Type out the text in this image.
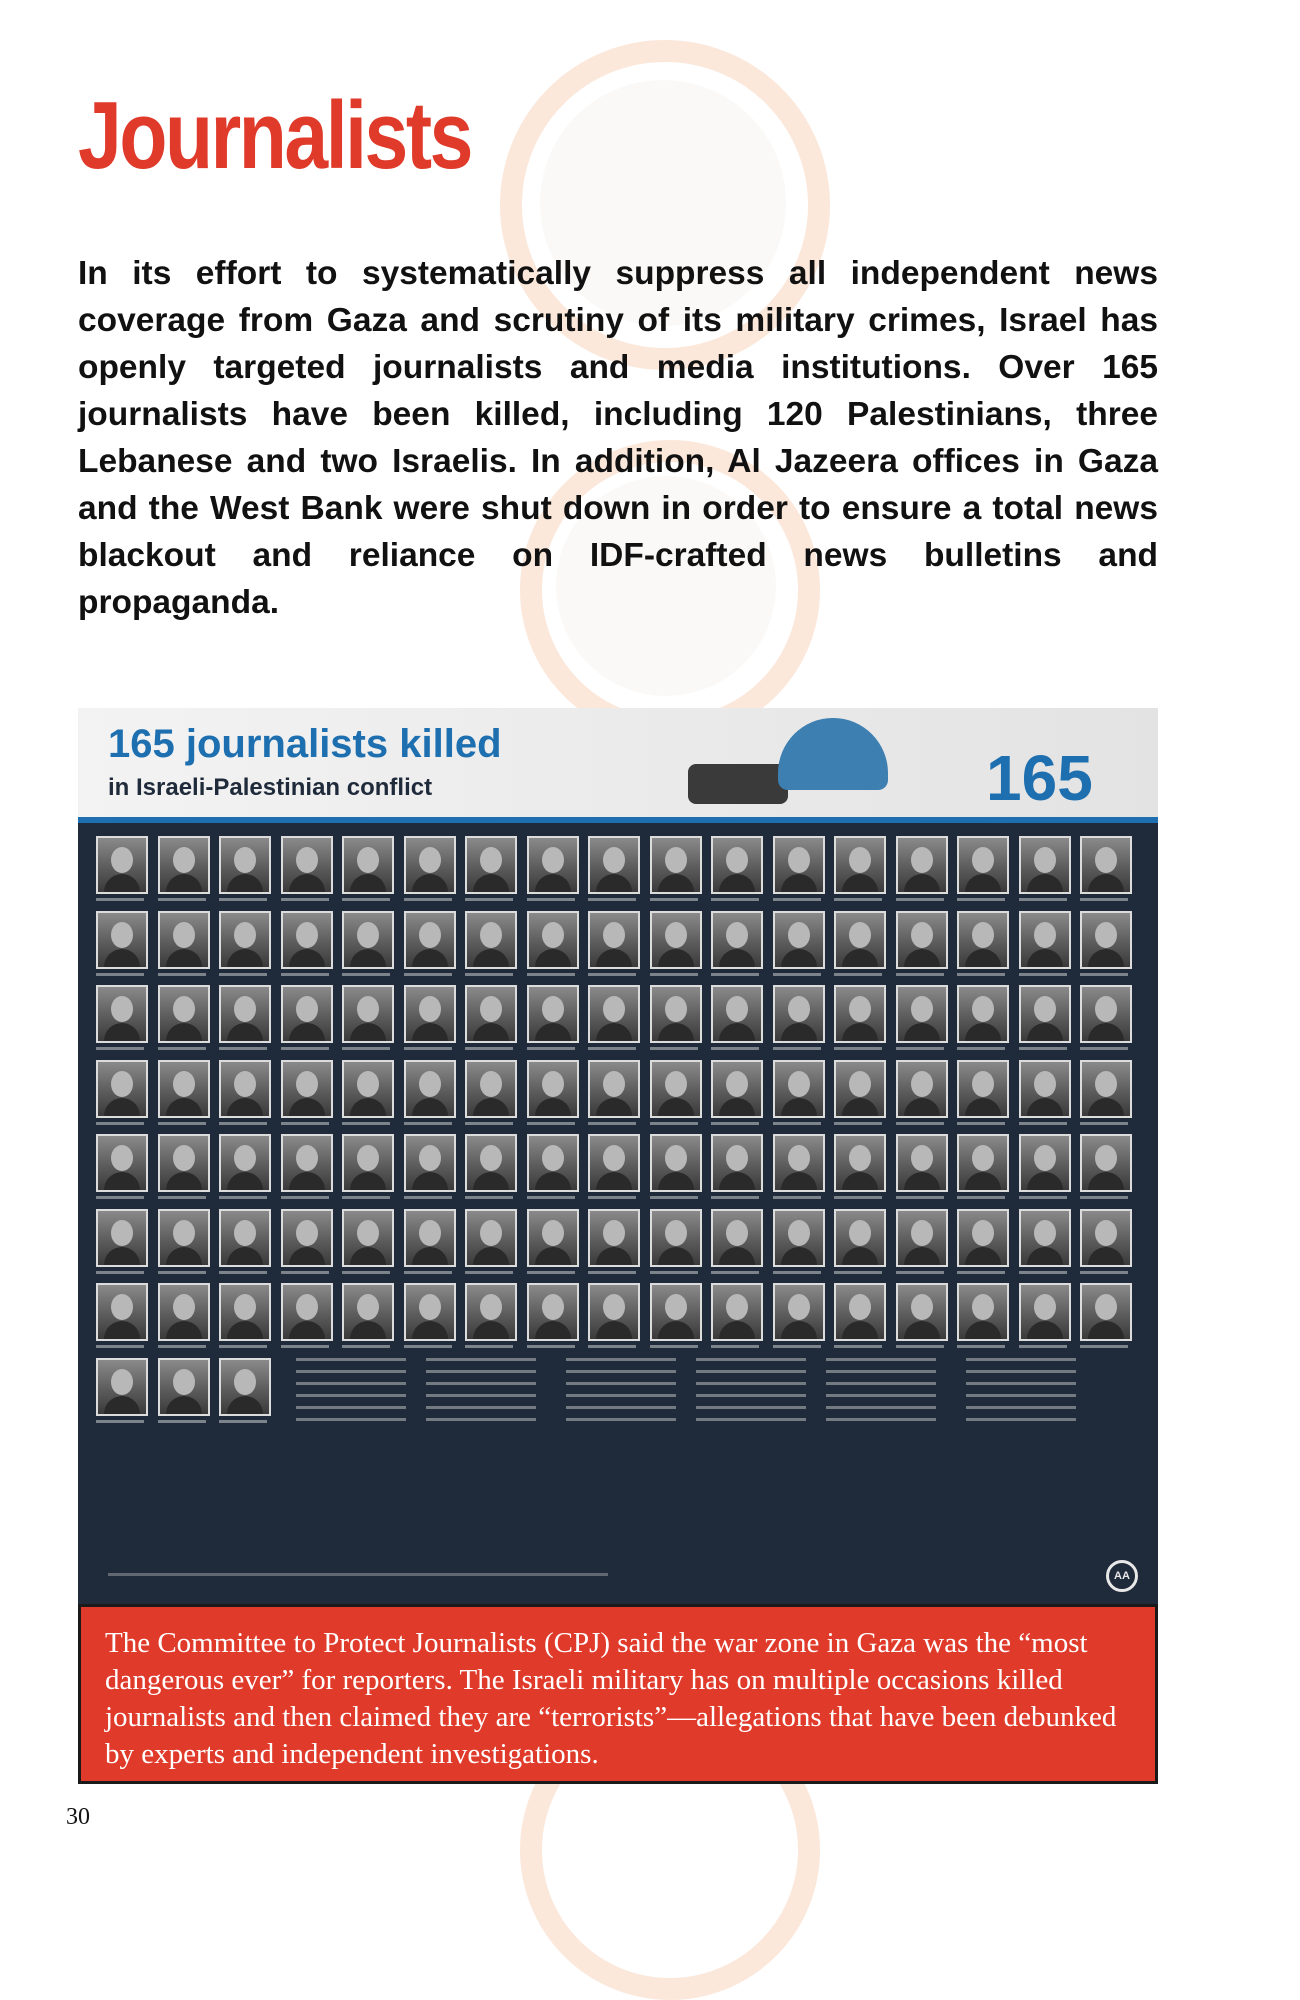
Journalists

In its effort to systematically suppress all independent news coverage from Gaza and scrutiny of its military crimes, Israel has openly targeted journalists and media institutions. Over 165 journalists have been killed, including 120 Palestinians, three Lebanese and two Israelis. In addition, Al Jazeera offices in Gaza and the West Bank were shut down in order to ensure a total news blackout and reliance on IDF-crafted news bulletins and propaganda.

165 journalists killed

in Israeli-Palestinian conflict	165

AA

The Committee to Protect Journalists (CPJ) said the war zone in Gaza was the “most dangerous ever” for reporters. The Israeli military has on multiple occasions killed journalists and then claimed they are “terrorists”—allegations that have been debunked by experts and independent investigations.

30
